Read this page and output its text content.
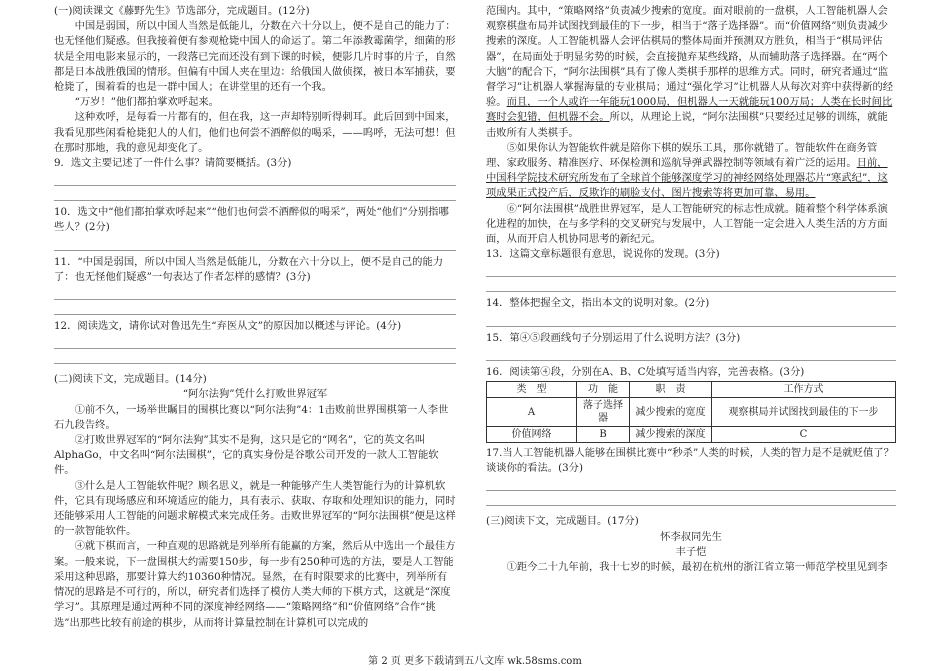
(一)阅读课文《藤野先生》节选部分，完成题目。(12分)

中国是弱国，所以中国人当然是低能儿，分数在六十分以上，便不是自己的能力了：也无怪他们疑惑。但我接着便有参观枪毙中国人的命运了。第二年添教霉菌学，细菌的形状是全用电影来显示的，一段落已完而还没有到下课的时候，便影几片时事的片子，自然都是日本战胜俄国的情形。但偏有中国人夹在里边：给俄国人做侦探，被日本军捕获，要枪毙了，围着看的也是一群中国人；在讲堂里的还有一个我。

“万岁！”他们都拍掌欢呼起来。

这种欢呼，是每看一片都有的，但在我，这一声却特别听得刺耳。此后回到中国来，我看见那些闲看枪毙犯人的人们，他们也何尝不酒醉似的喝采，——呜呼，无法可想！但在那时那地，我的意见却变化了。

9．选文主要记述了一件什么事？请简要概括。(3分)

10．选文中“他们都拍掌欢呼起来”“他们也何尝不酒醉似的喝采”，两处“他们”分别指哪些人？(2分)

11．“中国是弱国，所以中国人当然是低能儿，分数在六十分以上，便不是自己的能力了：也无怪他们疑惑”一句表达了作者怎样的感情？(3分)

12．阅读选文，请你试对鲁迅先生“弃医从文”的原因加以概述与评论。(4分)

(二)阅读下文，完成题目。(14分)

“阿尔法狗”凭什么打败世界冠军

①前不久，一场举世瞩目的围棋比赛以“阿尔法狗”4：1击败前世界围棋第一人李世石九段告终。

②打败世界冠军的“阿尔法狗”其实不是狗，这只是它的“网名”，它的英文名叫AlphaGo，中文名叫“阿尔法围棋”，它的真实身份是谷歌公司开发的一款人工智能软件。

③什么是人工智能软件呢？顾名思义，就是一种能够产生人类智能行为的计算机软件，它具有现场感应和环境适应的能力，具有表示、获取、存取和处理知识的能力，同时还能够采用人工智能的问题求解模式来完成任务。击败世界冠军的“阿尔法围棋”便是这样的一款智能软件。

④就下棋而言，一种直观的思路就是列举所有能赢的方案，然后从中选出一个最佳方案。一般来说，下一盘围棋大约需要150步，每一步有250种可选的方法，要是人工智能采用这种思路，那要计算大约10360种情况。显然，在有时限要求的比赛中，列举所有情况的思路是不可行的，所以，研究者们选择了模仿人类大师的下棋方式，这就是“深度学习”。其原理是通过两种不同的深度神经网络——“策略网络”和“价值网络”合作“挑选”出那些比较有前途的棋步，从而将计算量控制在计算机可以完成的

范围内。其中，“策略网络”负责减少搜索的宽度。面对眼前的一盘棋，人工智能机器人会观察棋盘布局并试图找到最佳的下一步，相当于“落子选择器”。而“价值网络”则负责减少搜索的深度。人工智能机器人会评估棋局的整体局面并预测双方胜负，相当于“棋局评估器”，在局面处于明显劣势的时候，会直接抛弃某些线路，从而辅助落子选择器。在“两个大脑”的配合下，“阿尔法围棋”具有了像人类棋手那样的思维方式。同时，研究者通过“监督学习”让机器人掌握海量的专业棋局；通过“强化学习”让机器人从每次对弈中获得新的经验。而且，一个人或许一年能玩1000局，但机器人一天就能玩100万局；人类在长时间比赛时会犯错，但机器不会。所以，从理论上说，“阿尔法围棋”只要经过足够的训练，就能击败所有人类棋手。

⑤如果你认为智能软件就是陪你下棋的娱乐工具，那你就错了。智能软件在商务管理、家政服务、精准医疗、环保检测和巡航导弹武器控制等领域有着广泛的运用。日前，中国科学院技术研究所发布了全球首个能够深度学习的神经网络处理器芯片“寒武纪”，这项成果正式投产后，反欺诈的刷脸支付、图片搜索等将更加可靠、易用。

⑥“阿尔法围棋”战胜世界冠军，是人工智能研究的标志性成就。随着整个科学体系演化进程的加快，在与多学科的交叉研究与发展中，人工智能一定会进入人类生活的方方面面，从而开启人机协同思考的新纪元。

13．这篇文章标题很有意思，说说你的发现。(3分)

14．整体把握全文，指出本文的说明对象。(2分)

15．第④⑤段画线句子分别运用了什么说明方法？(3分)

16．阅读第④段，分别在A、B、C处填写适当内容，完善表格。(3分)

类　型	功　能	职　责	工作方式
A	落子选择器	减少搜索的宽度	观察棋局并试图找到最佳的下一步
价值网络	B	减少搜索的深度	C

17.当人工智能机器人能够在围棋比赛中“秒杀”人类的时候，人类的智力是不是就贬值了？谈谈你的看法。(3分)

(三)阅读下文，完成题目。(17分)

怀李叔同先生

丰子恺

①距今二十九年前，我十七岁的时候，最初在杭州的浙江省立第一师范学校里见到李

第 2 页 更多下载请到五八文库 wk.58sms.com
